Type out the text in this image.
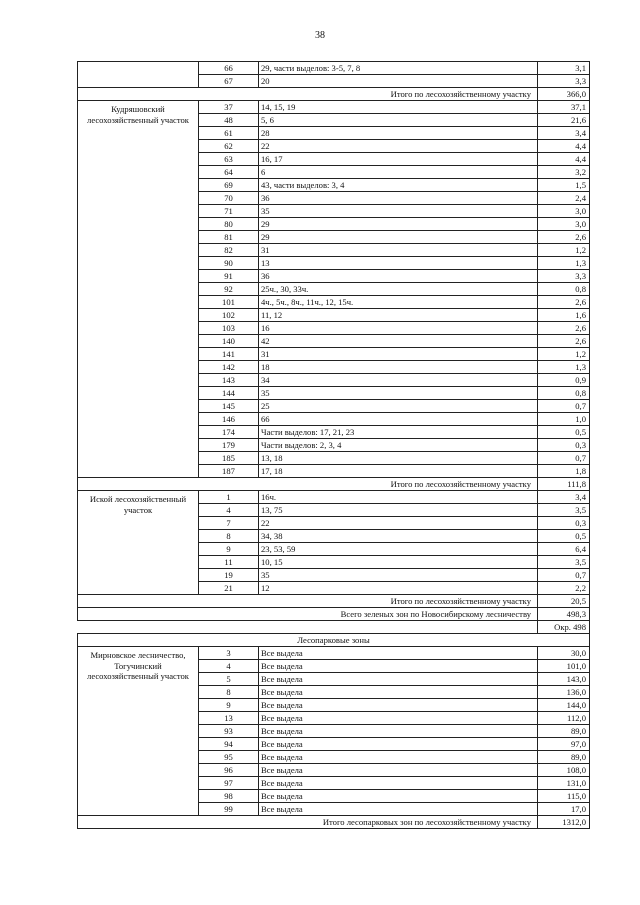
38
	66	29, части выделов: 3-5, 7, 8	3,1
	67	20	3,3
Итого по лесохозяйственному участку			366,0
Кудряшовский лесохозяйственный участок	37	14, 15, 19	37,1
	48	5, 6	21,6
	61	28	3,4
	62	22	4,4
	63	16, 17	4,4
	64	6	3,2
	69	43, части выделов: 3, 4	1,5
	70	36	2,4
	71	35	3,0
	80	29	3,0
	81	29	2,6
	82	31	1,2
	90	13	1,3
	91	36	3,3
	92	25ч., 30, 33ч.	0,8
	101	4ч., 5ч., 8ч., 11ч., 12, 15ч.	2,6
	102	11, 12	1,6
	103	16	2,6
	140	42	2,6
	141	31	1,2
	142	18	1,3
	143	34	0,9
	144	35	0,8
	145	25	0,7
	146	66	1,0
	174	Части выделов: 17, 21, 23	0,5
	179	Части выделов: 2, 3, 4	0,3
	185	13, 18	0,7
	187	17, 18	1,8
Итого по лесохозяйственному участку			111,8
Иской лесохозяйственный участок	1	16ч.	3,4
	4	13, 75	3,5
	7	22	0,3
	8	34, 38	0,5
	9	23, 53, 59	6,4
	11	10, 15	3,5
	19	35	0,7
	21	12	2,2
Итого по лесохозяйственному участку			20,5
Всего зеленых зон по Новосибирскому лесничеству			498,3
			Окр. 498
Лесопарковые зоны			
Мирновское лесничество, Тогучинский лесохозяйственный участок	3	Все выдела	30,0
	4	Все выдела	101,0
	5	Все выдела	143,0
	8	Все выдела	136,0
	9	Все выдела	144,0
	13	Все выдела	112,0
	93	Все выдела	89,0
	94	Все выдела	97,0
	95	Все выдела	89,0
	96	Все выдела	108,0
	97	Все выдела	131,0
	98	Все выдела	115,0
	99	Все выдела	17,0
Итого лесопарковых зон по лесохозяйственному участку			1312,0
